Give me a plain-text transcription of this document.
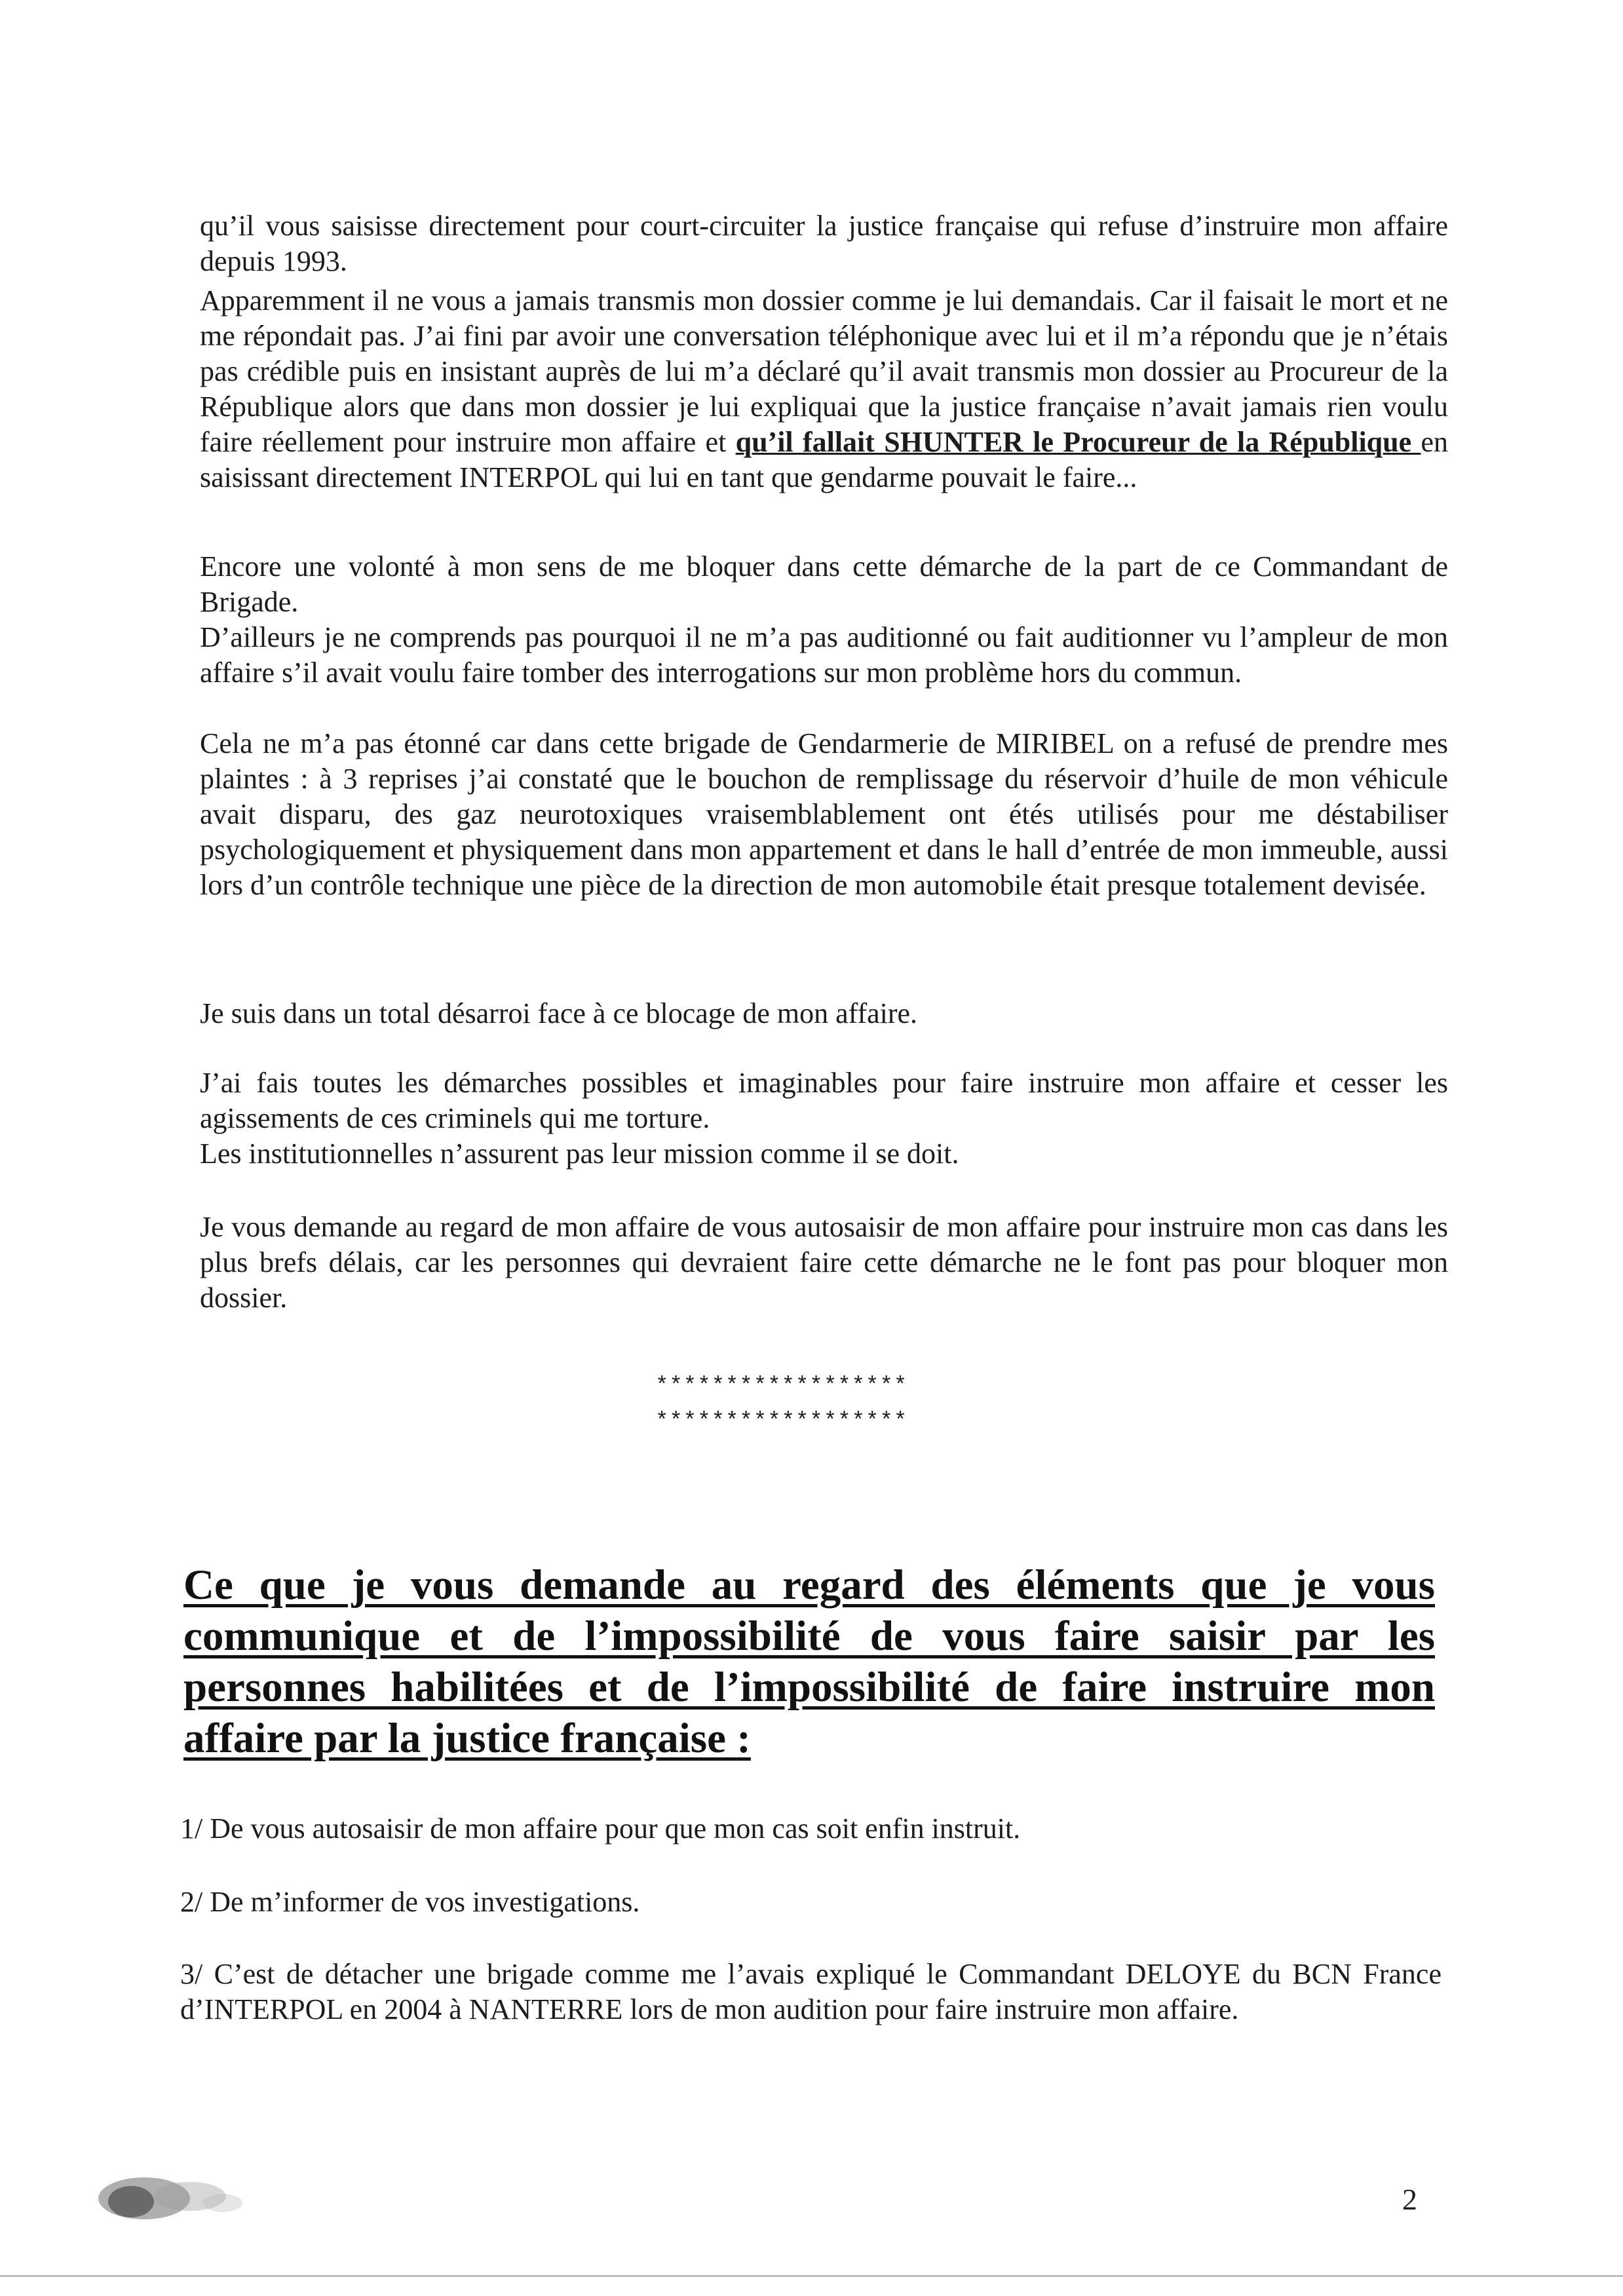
qu’il vous saisisse directement pour court-circuiter la justice française qui refuse d’instruire mon affaire depuis 1993.

Apparemment il ne vous a jamais transmis mon dossier comme je lui demandais. Car il faisait le mort et ne me répondait pas. J’ai fini par avoir une conversation téléphonique avec lui et il m’a répondu que je n’étais pas crédible puis en insistant auprès de lui m’a déclaré qu’il avait transmis mon dossier au Procureur de la République alors que dans mon dossier je lui expliquai que la justice française n’avait jamais rien voulu faire réellement pour instruire mon affaire et qu’il fallait SHUNTER le Procureur de la République en saisissant directement INTERPOL qui lui en tant que gendarme pouvait le faire...

Encore une volonté à mon sens de me bloquer dans cette démarche de la part de ce Commandant de Brigade.

D’ailleurs je ne comprends pas pourquoi il ne m’a pas auditionné ou fait auditionner vu l’ampleur de mon affaire s’il avait voulu faire tomber des interrogations sur mon problème hors du commun.

Cela ne m’a pas étonné car dans cette brigade de Gendarmerie de MIRIBEL on a refusé de prendre mes plaintes : à 3 reprises j’ai constaté que le bouchon de remplissage du réservoir d’huile de mon véhicule avait disparu, des gaz neurotoxiques vraisemblablement ont étés utilisés pour me déstabiliser psychologiquement et physiquement dans mon appartement et dans le hall d’entrée de mon immeuble, aussi lors d’un contrôle technique une pièce de la direction de mon automobile était presque totalement devisée.

Je suis dans un total désarroi face à ce blocage de mon affaire.

J’ai fais toutes les démarches possibles et imaginables pour faire instruire mon affaire et cesser les agissements de ces criminels qui me torture.

Les institutionnelles n’assurent pas leur mission comme il se doit.

Je vous demande au regard de mon affaire de vous autosaisir de mon affaire pour instruire mon cas dans les plus brefs délais, car les personnes qui devraient faire cette démarche ne le font pas pour bloquer mon dossier.

******************

******************

Ce que je vous demande au regard des éléments que je vous communique et de l’impossibilité de vous faire saisir par les personnes habilitées et de l’impossibilité de faire instruire mon affaire par la justice française :

1/ De vous autosaisir de mon affaire pour que mon cas soit enfin instruit.

2/ De m’informer de vos investigations.

3/ C’est de détacher une brigade comme me l’avais expliqué le Commandant DELOYE du BCN France d’INTERPOL en 2004 à NANTERRE lors de mon audition pour faire instruire mon affaire.

2
